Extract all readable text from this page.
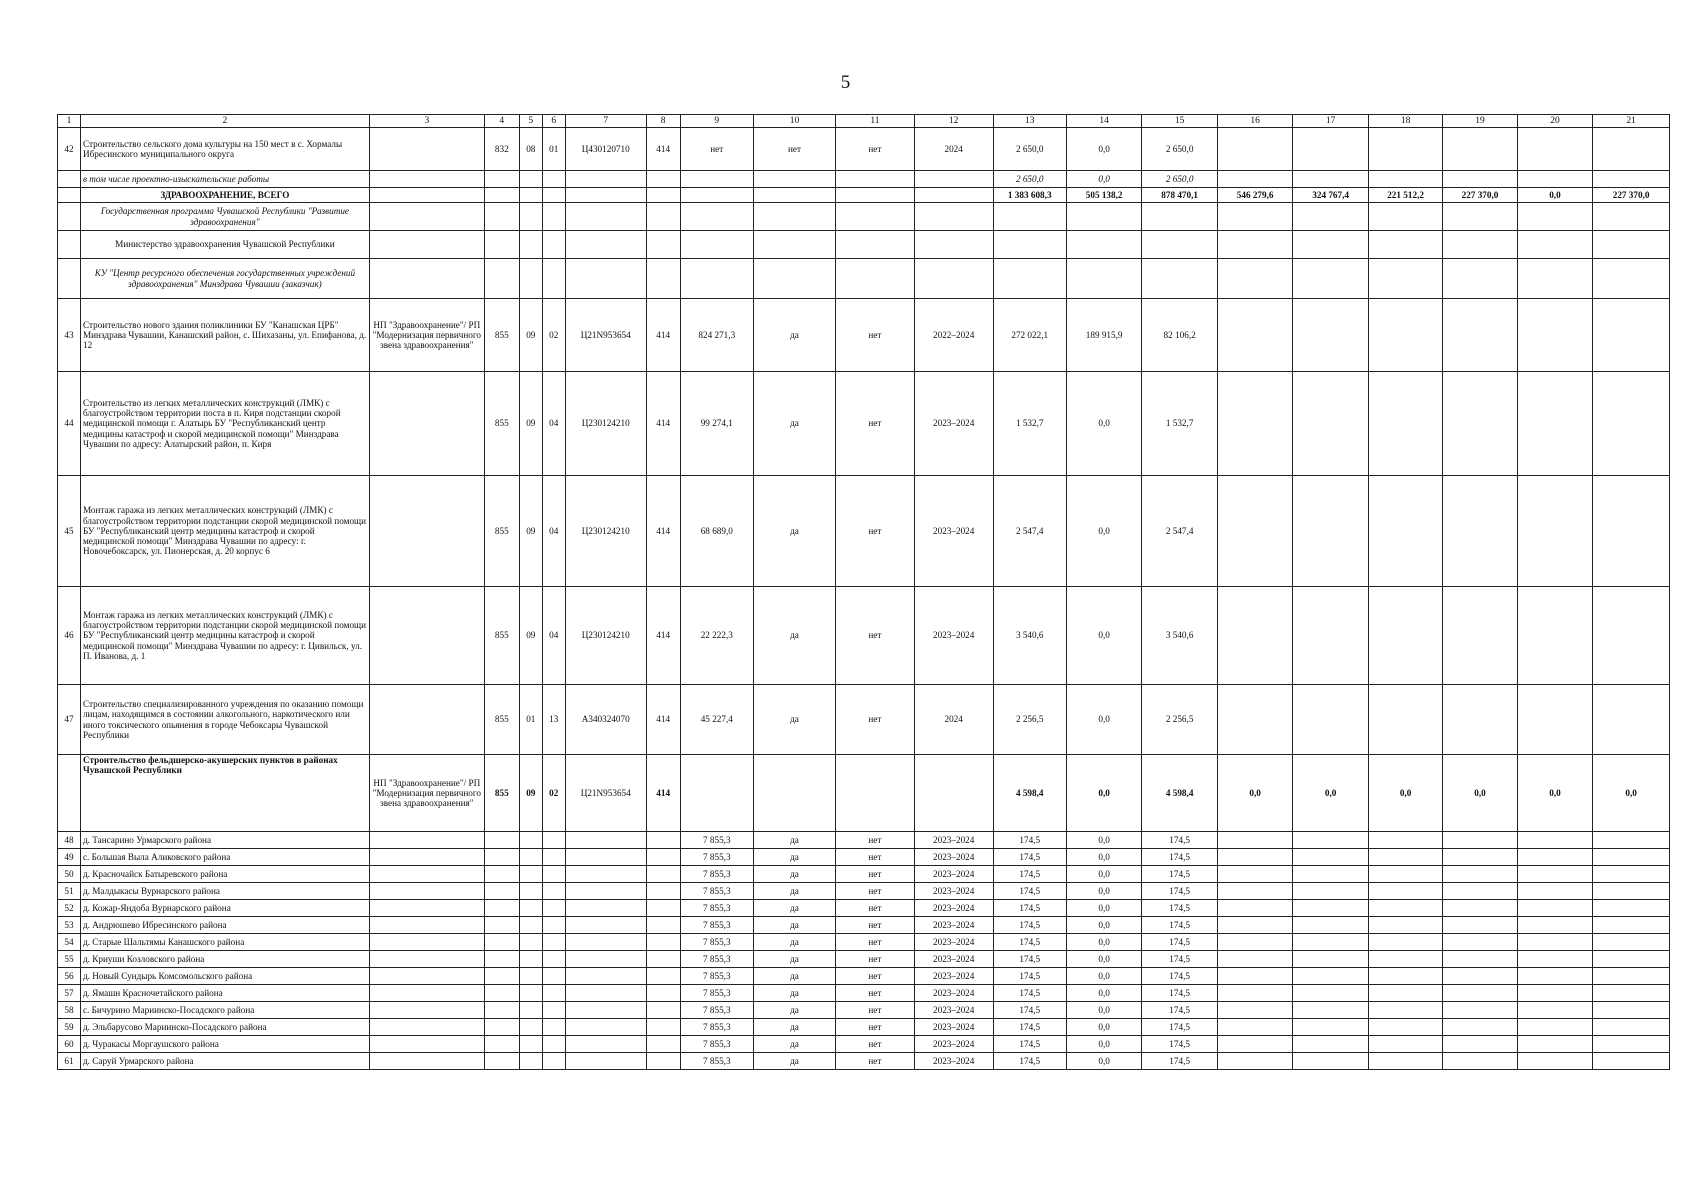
5
1	2	3	4	5	6	7	8	9	10	11	12	13	14	15	16	17	18	19	20	21
42	Строительство сельского дома культуры на 150 мест в с. Хормалы Ибресинского муниципального округа		832	08	01	Ц430120710	414	нет	нет	нет	2024	2 650,0	0,0	2 650,0						
	в том числе проектно-изыскательские работы											2 650,0	0,0	2 650,0						
	ЗДРАВООХРАНЕНИЕ, ВСЕГО											1 383 608,3	505 138,2	878 470,1	546 279,6	324 767,4	221 512,2	227 370,0	0,0	227 370,0
	Государственная программа Чувашской Республики "Развитие здравоохранения"																			
	Министерство здравоохранения Чувашской Республики																			
	КУ "Центр ресурсного обеспечения государственных учреждений здравоохранения" Минздрава Чувашии (заказчик)																			
43	Строительство нового здания поликлиники БУ "Канашская ЦРБ" Минздрава Чувашии, Канашский район, с. Шихазаны, ул. Епифанова, д. 12	НП "Здравоохранение"/ РП "Модернизация первичного звена здравоохранения"	855	09	02	Ц21N953654	414	824 271,3	да	нет	2022–2024	272 022,1	189 915,9	82 106,2						
44	Строительство из легких металлических конструкций (ЛМК) с благоустройством территории поста в п. Киря подстанции скорой медицинской помощи г. Алатырь БУ "Республиканский центр медицины катастроф и скорой медицинской помощи" Минздрава Чувашии по адресу: Алатырский район, п. Киря		855	09	04	Ц230124210	414	99 274,1	да	нет	2023–2024	1 532,7	0,0	1 532,7						
45	Монтаж гаража из легких металлических конструкций (ЛМК) с благоустройством территории подстанции скорой медицинской помощи БУ "Республиканский центр медицины катастроф и скорой медицинской помощи" Минздрава Чувашии по адресу: г. Новочебоксарск, ул. Пионерская, д. 20 корпус 6		855	09	04	Ц230124210	414	68 689,0	да	нет	2023–2024	2 547,4	0,0	2 547,4						
46	Монтаж гаража из легких металлических конструкций (ЛМК) с благоустройством территории подстанции скорой медицинской помощи БУ "Республиканский центр медицины катастроф и скорой медицинской помощи" Минздрава Чувашии по адресу: г. Цивильск, ул. П. Иванова, д. 1		855	09	04	Ц230124210	414	22 222,3	да	нет	2023–2024	3 540,6	0,0	3 540,6						
47	Строительство специализированного учреждения по оказанию помощи лицам, находящимся в состоянии алкогольного, наркотического или иного токсического опьянения в городе Чебоксары Чувашской Республики		855	01	13	А340324070	414	45 227,4	да	нет	2024	2 256,5	0,0	2 256,5						
	Строительство фельдшерско-акушерских пунктов в районах Чувашской Республики	НП "Здравоохранение"/ РП "Модернизация первичного звена здравоохранения"	855	09	02	Ц21N953654	414					4 598,4	0,0	4 598,4	0,0	0,0	0,0	0,0	0,0	0,0
48	д. Тансарино Урмарского района							7 855,3	да	нет	2023–2024	174,5	0,0	174,5						
49	с. Большая Выла Аликовского района							7 855,3	да	нет	2023–2024	174,5	0,0	174,5						
50	д. Красночайск Батыревского района							7 855,3	да	нет	2023–2024	174,5	0,0	174,5						
51	д. Малдыкасы Вурнарского района							7 855,3	да	нет	2023–2024	174,5	0,0	174,5						
52	д. Кожар-Яндоба Вурнарского района							7 855,3	да	нет	2023–2024	174,5	0,0	174,5						
53	д. Андрюшево Ибресинского района							7 855,3	да	нет	2023–2024	174,5	0,0	174,5						
54	д. Старые Шальтямы Канашского района							7 855,3	да	нет	2023–2024	174,5	0,0	174,5						
55	д. Криуши Козловского района							7 855,3	да	нет	2023–2024	174,5	0,0	174,5						
56	д. Новый Сундырь Комсомольского района							7 855,3	да	нет	2023–2024	174,5	0,0	174,5						
57	д. Ямашн Красночетайского района							7 855,3	да	нет	2023–2024	174,5	0,0	174,5						
58	с. Бичурино Мариинско-Посадского района							7 855,3	да	нет	2023–2024	174,5	0,0	174,5						
59	д. Эльбарусово Мариинско-Посадского района							7 855,3	да	нет	2023–2024	174,5	0,0	174,5						
60	д. Чуракасы Моргаушского района							7 855,3	да	нет	2023–2024	174,5	0,0	174,5						
61	д. Саруй Урмарского района							7 855,3	да	нет	2023–2024	174,5	0,0	174,5						
